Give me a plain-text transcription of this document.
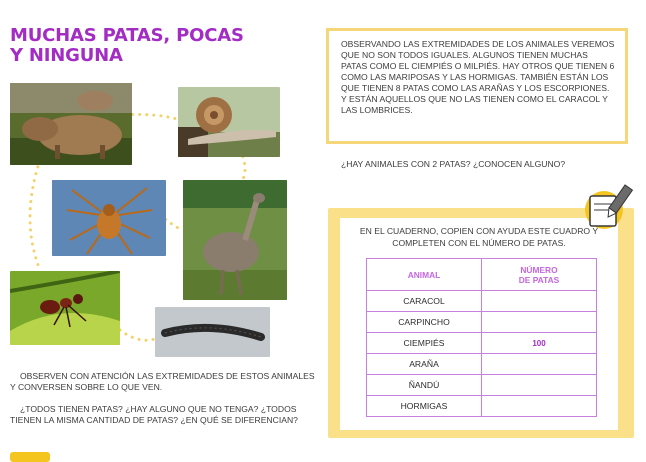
MUCHAS PATAS, POCAS
Y NINGUNA
OBSERVEN CON ATENCIÓN LAS EXTREMIDADES DE ESTOS ANIMALES Y CONVERSEN SOBRE LO QUE VEN.
¿TODOS TIENEN PATAS? ¿HAY ALGUNO QUE NO TENGA? ¿TODOS TIENEN LA MISMA CANTIDAD DE PATAS? ¿EN QUÉ SE DIFERENCIAN?
OBSERVANDO LAS EXTREMIDADES DE LOS ANIMALES VEREMOS QUE NO SON TODOS IGUALES. ALGUNOS TIENEN MUCHAS PATAS COMO EL CIEMPIÉS O MILPIÉS. HAY OTROS QUE TIENEN 6 COMO LAS MARIPOSAS Y LAS HORMIGAS. TAMBIÉN ESTÁN LOS QUE TIENEN 8 PATAS COMO LAS ARAÑAS Y LOS ESCORPIONES. Y ESTÁN AQUELLOS QUE NO LAS TIENEN COMO EL CARACOL Y LAS LOMBRICES.
¿HAY ANIMALES CON 2 PATAS? ¿CONOCEN ALGUNO?
EN EL CUADERNO, COPIEN CON AYUDA ESTE CUADRO Y COMPLETEN CON EL NÚMERO DE PATAS.
ANIMAL	NÚMERO
DE PATAS
CARACOL	
CARPINCHO	
CIEMPIÉS	100
ARAÑA	
ÑANDÚ	
HORMIGAS	
